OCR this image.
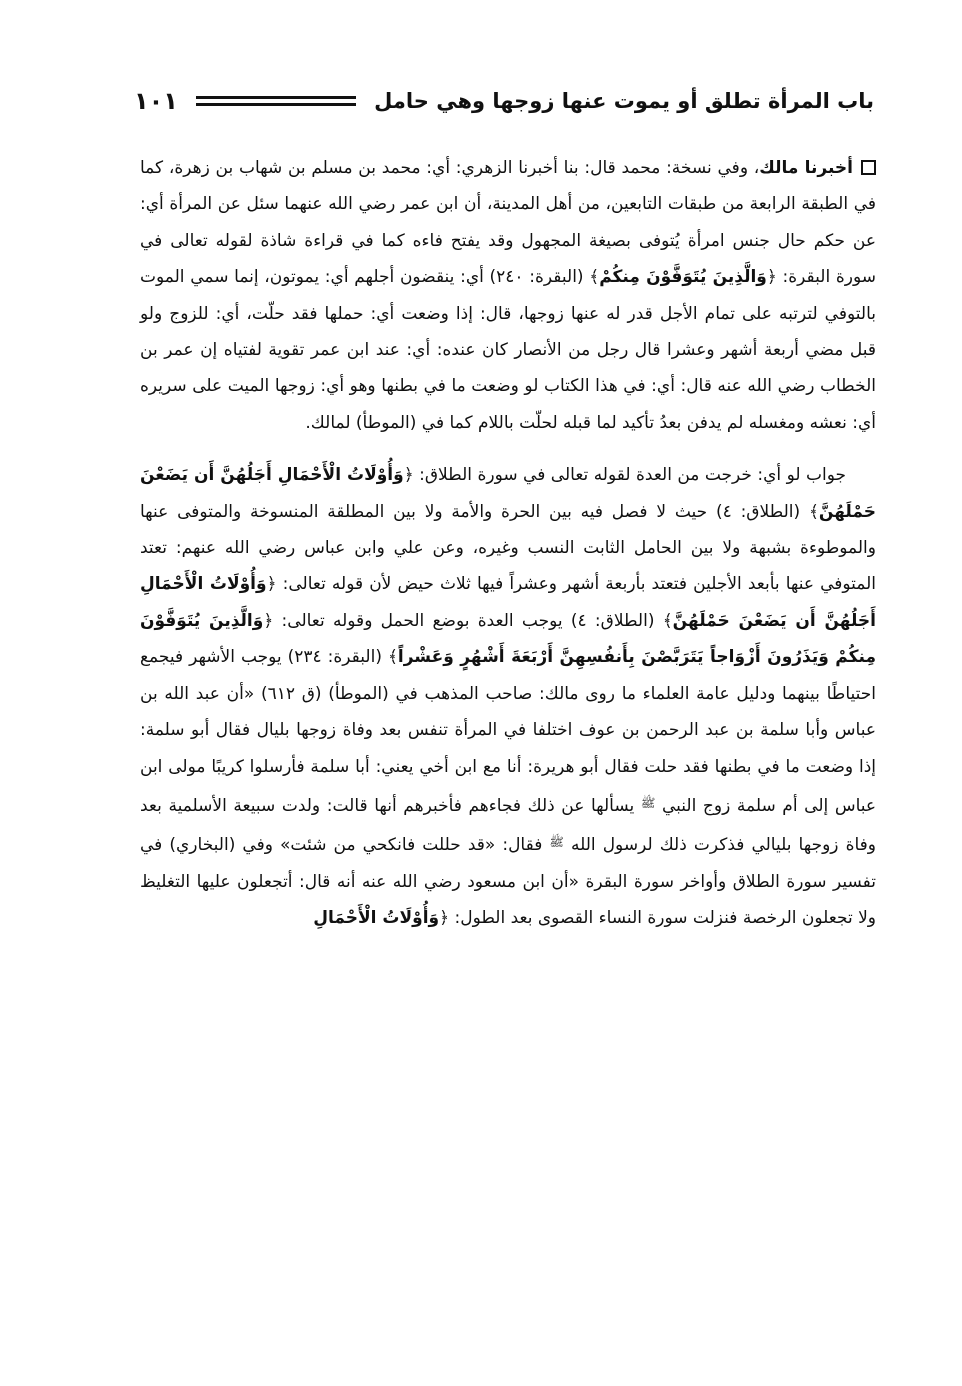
باب المرأة تطلق أو يموت عنها زوجها وهي حامل
١٠١

أخبرنا مالك، وفي نسخة: محمد قال: بنا أخبرنا الزهري: أي: محمد بن مسلم بن شهاب بن زهرة، كما في الطبقة الرابعة من طبقات التابعين، من أهل المدينة، أن ابن عمر رضي الله عنهما سئل عن المرأة أي: عن حكم حال جنس امرأة يُتوفى بصيغة المجهول وقد يفتح فاءه كما في قراءة شاذة لقوله تعالى في سورة البقرة: ﴿وَالَّذِينَ يُتَوَفَّوْنَ مِنكُمْ﴾ (البقرة: ٢٤٠) أي: ينقضون أجلهم أي: يموتون، إنما سمي الموت بالتوفي لترتبه على تمام الأجل قدر له عنها زوجها، قال: إذا وضعت أي: حملها فقد حلّت، أي: للزوج ولو قبل مضي أربعة أشهر وعشرا قال رجل من الأنصار كان عنده: أي: عند ابن عمر تقوية لفتياه إن عمر بن الخطاب رضي الله عنه قال: أي: في هذا الكتاب لو وضعت ما في بطنها وهو أي: زوجها الميت على سريره أي: نعشه ومغسله لم يدفن بعدُ تأكيد لما قبله لحلّت باللام كما في (الموطأ) لمالك.

جواب لو أي: خرجت من العدة لقوله تعالى في سورة الطلاق: ﴿وَأُوْلَاتُ الْأَحْمَالِ أَجَلُهُنَّ أَن يَضَعْنَ حَمْلَهُنَّ﴾ (الطلاق: ٤) حيث لا فصل فيه بين الحرة والأمة ولا بين المطلقة المنسوخة والمتوفى عنها والموطوءة بشبهة ولا بين الحامل الثابت النسب وغيره، وعن علي وابن عباس رضي الله عنهم: تعتد المتوفي عنها بأبعد الأجلين فتعتد بأربعة أشهر وعشراً فيها ثلاث حيض لأن قوله تعالى: ﴿وَأُوْلَاتُ الْأَحْمَالِ أَجَلُهُنَّ أَن يَضَعْنَ حَمْلَهُنَّ﴾ (الطلاق: ٤) يوجب العدة بوضع الحمل وقوله تعالى: ﴿وَالَّذِينَ يُتَوَفَّوْنَ مِنكُمْ وَيَذَرُونَ أَزْوَاجاً يَتَرَبَّصْنَ بِأَنفُسِهِنَّ أَرْبَعَةَ أَشْهُرٍ وَعَشْراً﴾ (البقرة: ٢٣٤) يوجب الأشهر فيجمع احتياطًا بينهما ودليل عامة العلماء ما روى مالك: صاحب المذهب في (الموطأ) (ق ٦١٢) «أن عبد الله بن عباس وأبا سلمة بن عبد الرحمن بن عوف اختلفا في المرأة تنفس بعد وفاة زوجها بليال فقال أبو سلمة: إذا وضعت ما في بطنها فقد حلت فقال أبو هريرة: أنا مع ابن أخي يعني: أبا سلمة فأرسلوا كريبًا مولى ابن عباس إلى أم سلمة زوج النبي $^ﷺ$ يسألها عن ذلك فجاءهم فأخبرهم أنها قالت: ولدت سبيعة الأسلمية بعد وفاة زوجها بليالي فذكرت ذلك لرسول الله $^ﷺ$ فقال: «قد حللت فانكحي من شئت» وفي (البخاري) في تفسير سورة الطلاق وأواخر سورة البقرة «أن ابن مسعود رضي الله عنه أنه قال: أتجعلون عليها التغليظ ولا تجعلون الرخصة فنزلت سورة النساء القصوى بعد الطول: ﴿وَأُوْلَاتُ الْأَحْمَالِ
